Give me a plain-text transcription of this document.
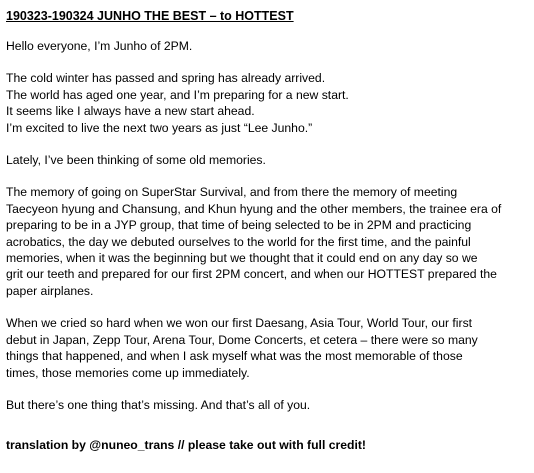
190323-190324 JUNHO THE BEST – to HOTTEST
Hello everyone, I’m Junho of 2PM.
The cold winter has passed and spring has already arrived.
The world has aged one year, and I’m preparing for a new start.
It seems like I always have a new start ahead.
I’m excited to live the next two years as just “Lee Junho.”
Lately, I’ve been thinking of some old memories.
The memory of going on SuperStar Survival, and from there the memory of meeting
Taecyeon hyung and Chansung, and Khun hyung and the other members, the trainee era of
preparing to be in a JYP group, that time of being selected to be in 2PM and practicing
acrobatics, the day we debuted ourselves to the world for the first time, and the painful
memories, when it was the beginning but we thought that it could end on any day so we
grit our teeth and prepared for our first 2PM concert, and when our HOTTEST prepared the
paper airplanes.
When we cried so hard when we won our first Daesang, Asia Tour, World Tour, our first
debut in Japan, Zepp Tour, Arena Tour, Dome Concerts, et cetera – there were so many
things that happened, and when I ask myself what was the most memorable of those
times, those memories come up immediately.
But there’s one thing that’s missing. And that’s all of you.
translation by @nuneo_trans // please take out with full credit!
